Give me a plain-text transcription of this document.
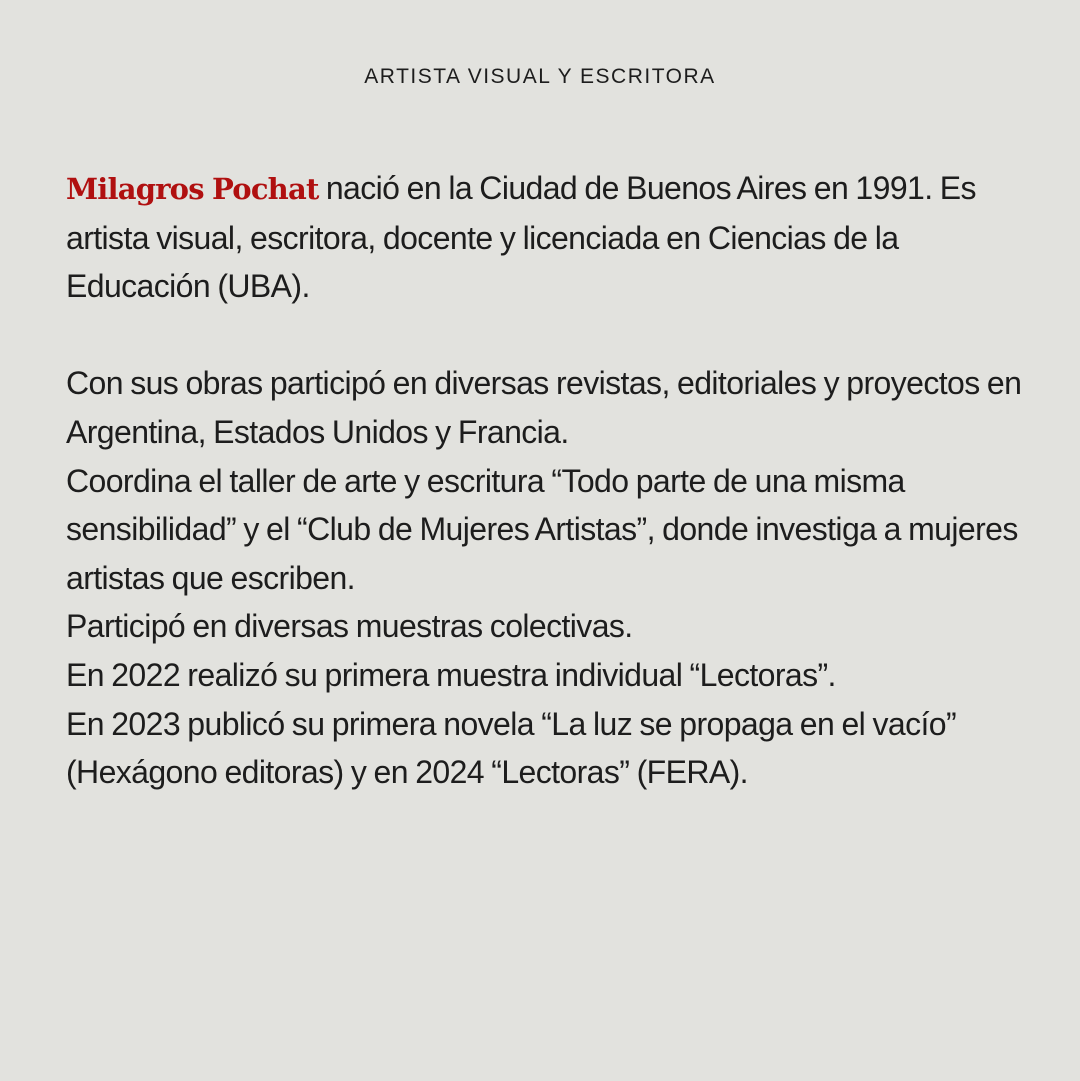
ARTISTA VISUAL Y ESCRITORA

Milagros Pochat nació en la Ciudad de Buenos Aires en 1991. Es artista visual, escritora, docente y licenciada en Ciencias de la Educación (UBA).

Con sus obras participó en diversas revistas, editoriales y proyectos en Argentina, Estados Unidos y Francia.

Coordina el taller de arte y escritura “Todo parte de una misma sensibilidad” y el “Club de Mujeres Artistas”, donde investiga a mujeres artistas que escriben.

Participó en diversas muestras colectivas.

En 2022 realizó su primera muestra individual “Lectoras”.

En 2023 publicó su primera novela “La luz se propaga en el vacío” (Hexágono editoras) y en 2024 “Lectoras” (FERA).
